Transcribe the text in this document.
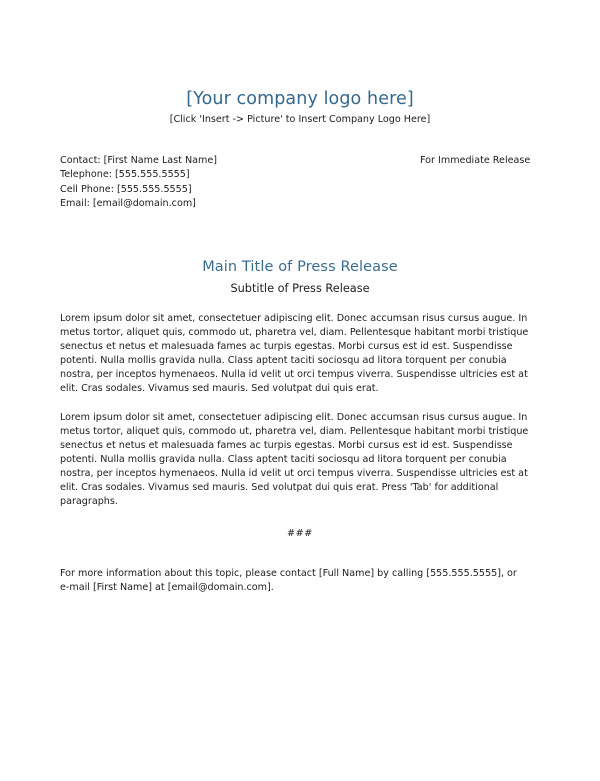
[Your company logo here]
[Click 'Insert -> Picture' to Insert Company Logo Here]
Contact: [First Name Last Name]
Telephone: [555.555.5555]
Cell Phone: [555.555.5555]
Email: [email@domain.com]
For Immediate Release
Main Title of Press Release
Subtitle of Press Release

Lorem ipsum dolor sit amet, consectetuer adipiscing elit. Donec accumsan risus cursus augue. In metus tortor, aliquet quis, commodo ut, pharetra vel, diam. Pellentesque habitant morbi tristique senectus et netus et malesuada fames ac turpis egestas. Morbi cursus est id est. Suspendisse potenti. Nulla mollis gravida nulla. Class aptent taciti sociosqu ad litora torquent per conubia nostra, per inceptos hymenaeos. Nulla id velit ut orci tempus viverra. Suspendisse ultricies est at elit. Cras sodales. Vivamus sed mauris. Sed volutpat dui quis erat.

Lorem ipsum dolor sit amet, consectetuer adipiscing elit. Donec accumsan risus cursus augue. In metus tortor, aliquet quis, commodo ut, pharetra vel, diam. Pellentesque habitant morbi tristique senectus et netus et malesuada fames ac turpis egestas. Morbi cursus est id est. Suspendisse potenti. Nulla mollis gravida nulla. Class aptent taciti sociosqu ad litora torquent per conubia nostra, per inceptos hymenaeos. Nulla id velit ut orci tempus viverra. Suspendisse ultricies est at elit. Cras sodales. Vivamus sed mauris. Sed volutpat dui quis erat. Press 'Tab' for additional paragraphs.

###
For more information about this topic, please contact [Full Name] by calling [555.555.5555], or e-mail [First Name] at [email@domain.com].
